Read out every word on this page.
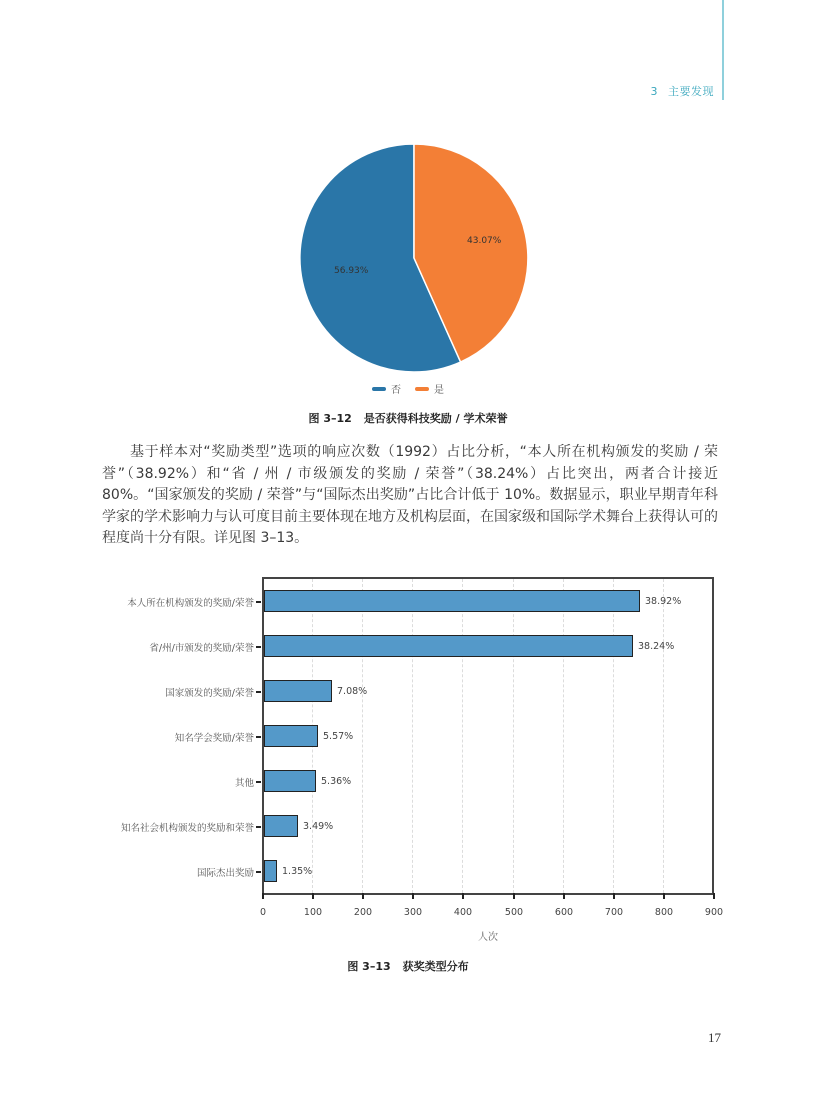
3 主要发现
56.93%
43.07%
否	是
图 3–12 是否获得科技奖励 / 学术荣誉

基于样本对“奖励类型”选项的响应次数（1992）占比分析，“本人所在机构颁发的奖励 / 荣誉”（38.92%）和“省 / 州 / 市级颁发的奖励 / 荣誉”（38.24%）占比突出，两者合计接近 80%。“国家颁发的奖励 / 荣誉”与“国际杰出奖励”占比合计低于 10%。数据显示，职业早期青年科学家的学术影响力与认可度目前主要体现在地方及机构层面，在国家级和国际学术舞台上获得认可的程度尚十分有限。详见图 3–13。

38.92%
38.24%
7.08%
5.57%
5.36%
3.49%
1.35%
本人所在机构颁发的奖励/荣誉
省/州/市颁发的奖励/荣誉
国家颁发的奖励/荣誉
知名学会奖励/荣誉
其他
知名社会机构颁发的奖励和荣誉
国际杰出奖励
0	100	200	300	400	500	600	700	800	900
人次
图 3–13 获奖类型分布
17
